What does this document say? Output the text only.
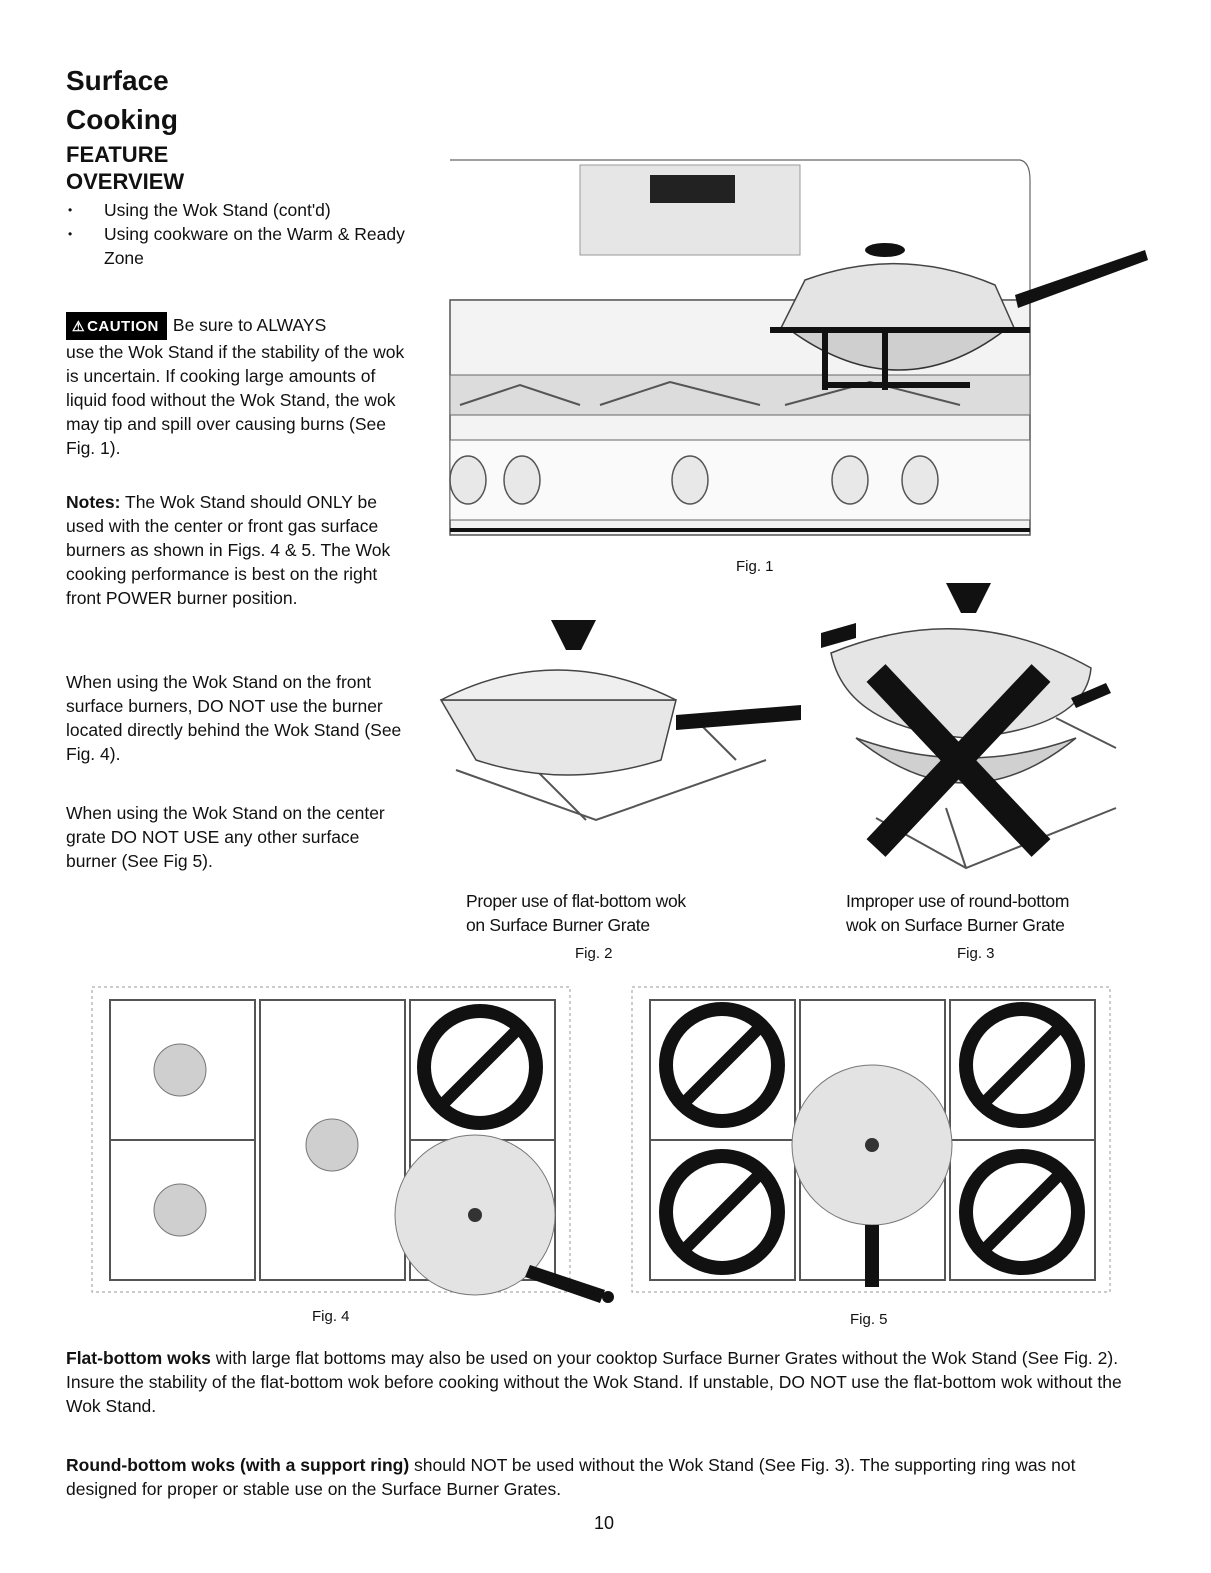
Surface
Cooking
FEATURE
OVERVIEW
• Using the Wok Stand (cont'd)
• Using cookware on the Warm & Ready Zone
⚠ CAUTION Be sure to ALWAYS
use the Wok Stand if the stability of the wok is uncertain. If cooking large amounts of liquid food without the Wok Stand, the wok may tip and spill over causing burns (See Fig. 1).
Notes: The Wok Stand should ONLY be used with the center or front gas surface burners as shown in Figs. 4 & 5. The Wok cooking performance is best on the right front POWER burner position.
When using the Wok Stand on the front surface burners, DO NOT use the burner located directly behind the Wok Stand (See Fig. 4).
When using the Wok Stand on the center grate DO NOT USE any other surface burner (See Fig 5).
Fig. 1
Proper use of flat-bottom wok
on Surface Burner Grate
Fig. 2
Improper use of round-bottom
wok on Surface Burner Grate
Fig. 3
Fig. 4	Fig. 5
Flat-bottom woks with large flat bottoms may also be used on your cooktop Surface Burner Grates without the Wok Stand (See Fig. 2). Insure the stability of the flat-bottom wok before cooking without the Wok Stand. If unstable, DO NOT use the flat-bottom wok without the Wok Stand.
Round-bottom woks (with a support ring) should NOT be used without the Wok Stand (See Fig. 3). The supporting ring was not designed for proper or stable use on the Surface Burner Grates.
10
